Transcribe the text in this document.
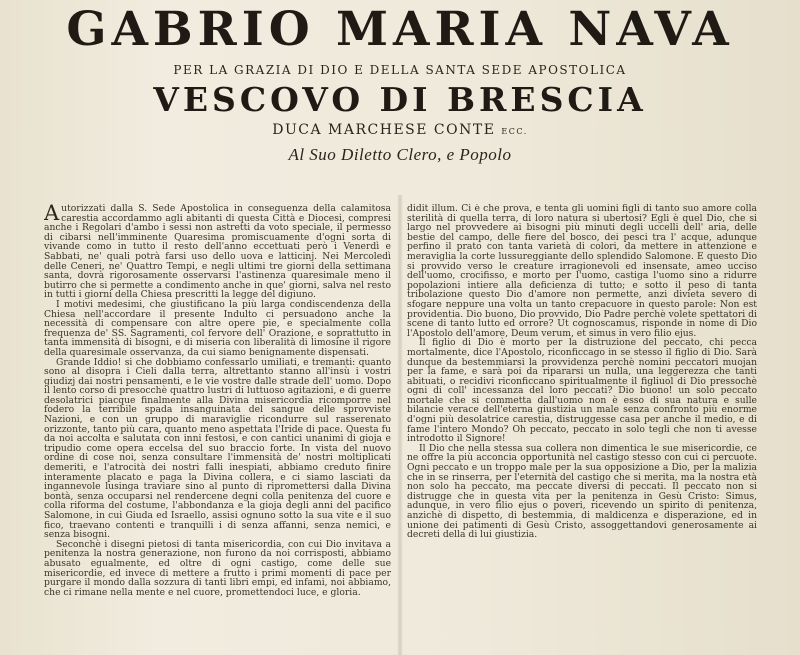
GABRIO MARIA NAVA
PER LA GRAZIA DI DIO E DELLA SANTA SEDE APOSTOLICA
VESCOVO DI BRESCIA
DUCA MARCHESE CONTE ECC.
Al Suo Diletto Clero, e Popolo

Autorizzati dalla S. Sede Apostolica in conseguenza della calamitosa carestia accordammo agli abitanti di questa Città e Diocesi, compresi anche i Regolari d'ambo i sessi non astretti da voto speciale, il permesso di cibarsi nell'imminente Quaresima promiscuamente d'ogni sorta di vivande como in tutto il resto dell'anno eccettuati però i Venerdì e Sabbati, ne' quali potrà farsi uso dello uova e latticinj. Nei Mercoledì delle Ceneri, ne' Quattro Tempi, e negli ultimi tre giorni della settimana santa, dovrà rigorosamente osservarsi l'astinenza quaresimale meno il butirro che si permette a condimento anche in que' giorni, salva nel resto in tutti i giorni della Chiesa prescritti la legge del digiuno.

I motivi medesimi, che giustificano la più larga condiscendenza della Chiesa nell'accordare il presente Indulto ci persuadono anche la necessità di compensare con altre opere pie, e specialmente colla frequenza de' SS. Sagramenti, col fervore dell' Orazione, e soprattutto in tanta immensità di bisogni, e di miseria con liberalità di limosine il rigore della quaresimale osservanza, da cui siamo benignamente dispensati.

Grande Iddio! si che dobbiamo confessarlo umiliati, e tremanti: quanto sono al disopra i Cieli dalla terra, altrettanto stanno all'insù i vostri giudizj dai nostri pensamenti, e le vie vostre dalle strade dell' uomo. Dopo il lento corso di presocchè quattro lustri di luttuoso agitazioni, e di guerre desolatrici piacque finalmente alla Divina misericordia ricomporre nel fodero la terribile spada insanguinata del sangue delle sprovviste Nazioni, e con un gruppo di maraviglie ricondurre sul rasserenato orizzonte, tanto più cara, quanto meno aspettata l'Iride di pace. Questa fu da noi accolta e salutata con inni festosi, e con cantici unanimi di gioja e tripudio come opera eccelsa del suo braccio forte. In vista del nuovo ordine di cose noi, senza consultare l'immensità de' nostri moltiplicati demeriti, e l'atrocità dei nostri falli inespiati, abbiamo creduto finire interamente placato e paga la Divina collera, e ci siamo lasciati da ingannevole lusinga traviare sino al punto di ripromettersi dalla Divina bontà, senza occuparsi nel rendercene degni colla penitenza del cuore e colla riforma del costume, l'abbondanza e la gioja degli anni del pacifico Salomone, in cui Giuda ed Israello, assisi ognuno sotto la sua vite e il suo fico, traevano contenti e tranquilli i di senza affanni, senza nemici, e senza bisogni.

Seconchè i disegni pietosi di tanta misericordia, con cui Dio invitava a penitenza la nostra generazione, non furono da noi corrisposti, abbiamo abusato egualmente, ed oltre di ogni castigo, come delle sue misericordie, ed invece di mettere a frutto i primi momenti di pace per purgare il mondo dalla sozzura di tanti libri empi, ed infami, noi abbiamo, che ci rimane nella mente e nel cuore, promettendoci luce, e gloria.

didit illum. Ci è che prova, e tenta gli uomini figli di tanto suo amore colla sterilità di quella terra, di loro natura si ubertosi? Egli è quel Dio, che si largo nel provvedere ai bisogni più minuti degli uccelli dell' aria, delle bestie del campo, delle fiere del bosco, dei pesci tra l' acque, adunque perfino il prato con tanta varietà di colori, da mettere in attenzione e meraviglia la corte lussureggiante dello splendido Salomone. E questo Dio si provvido verso le creature irragionevoli ed insensate, ameo ucciso dell'uomo, crocifisso, e morto per l'uomo, castiga l'uomo sino a ridurre popolazioni intiere alla deficienza di tutto; e sotto il peso di tanta tribolazione questo Dio d'amore non permette, anzi divieta severo di sfogare neppure una volta un tanto crepacuore in questo parole: Non est providentia. Dio buono, Dio provvido, Dio Padre perchè volete spettatori di scene di tanto lutto ed orrore? Ut cognoscamus, risponde in nome di Dio l'Apostolo dell'amore, Deum verum, et simus in vero filio ejus.

Il figlio di Dio è morto per la distruzione del peccato, chi pecca mortalmente, dice l'Apostolo, riconficcago in se stesso il figlio di Dio. Sarà dunque da bestemmiarsi la provvidenza perchè nomini peccatori muojan per la fame, e sarà poi da ripararsi un nulla, una leggerezza che tanti abituati, o recidivi riconficcano spiritualmente il figliuol di Dio pressochè ogni di coll' incessanza del loro peccati? Dio buono! un solo peccato mortale che si commetta dall'uomo non è esso di sua natura e sulle bilancie verace dell'eterna giustizia un male senza confronto più enorme d'ogni più desolatrice carestia, distruggesse casa per anche il medio, e di fame l'intero Mondo? Oh peccato, peccato in solo tegli che non ti avesse introdotto il Signore!

Il Dio che nella stessa sua collera non dimentica le sue misericordie, ce ne offre la più acconcia opportunità nel castigo stesso con cui ci percuote. Ogni peccato e un troppo male per la sua opposizione a Dio, per la malizia che in se rinserra, per l'eternità del castigo che si merita, ma la nostra età non solo ha peccato, ma peccate diversi di peccati. Il peccato non si distrugge che in questa vita per la penitenza in Gesù Cristo: Simus, adunque, in vero filio ejus o poveri, ricevendo un spirito di penitenza, anzichè di dispetto, di bestemmia, di maldicenza e disperazione, ed in unione dei patimenti di Gesù Cristo, assoggettandovi generosamente ai decreti della di lui giustizia.
